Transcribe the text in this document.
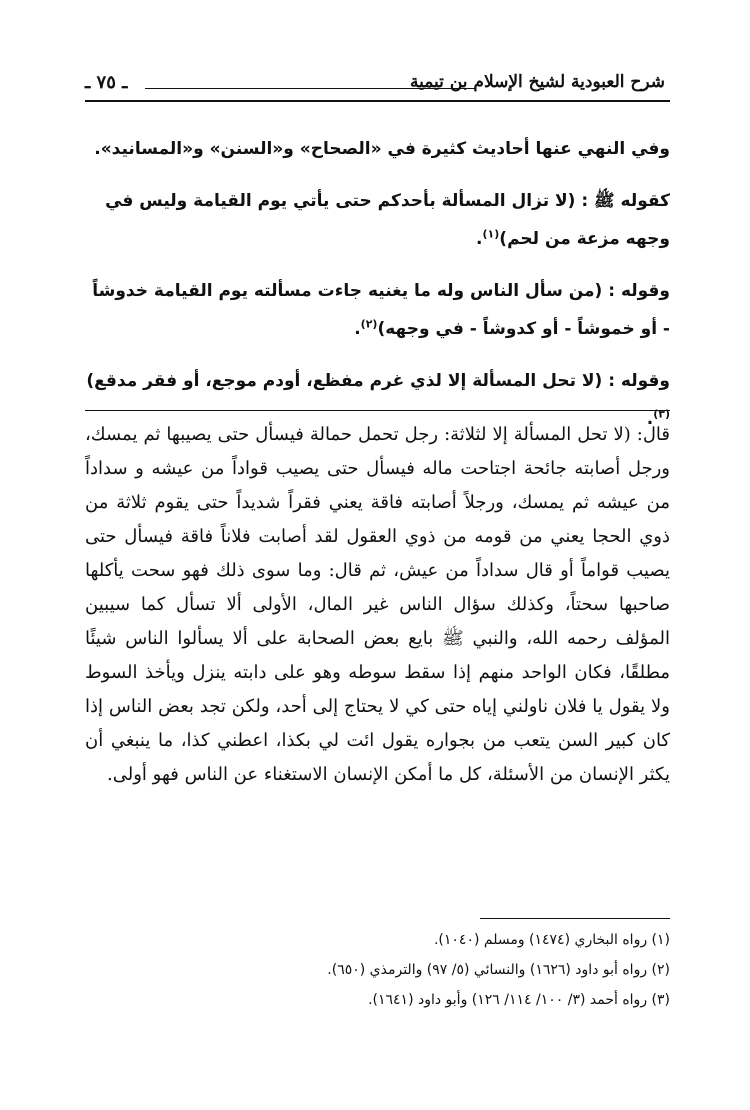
شرح العبودية لشيخ الإسلام بن تيمية
ـ ٧٥ ـ

وفي النهي عنها أحاديث كثيرة في «الصحاح» و«السنن» و«المسانيد».

كقوله ﷺ : (لا تزال المسألة بأحدكم حتى يأتي يوم القيامة وليس في وجهه مزعة من لحم)$^{(١)}$.

وقوله : (من سأل الناس وله ما يغنيه جاءت مسألته يوم القيامة خدوشاً - أو خموشاً - أو كدوشاً - في وجهه)$^{(٢)}$.

وقوله : (لا تحل المسألة إلا لذي غرم مفظع، أودم موجع، أو فقر مدقع)$^{(٣)}$.

قال: (لا تحل المسألة إلا لثلاثة: رجل تحمل حمالة فيسأل حتى يصيبها ثم يمسك، ورجل أصابته جائحة اجتاحت ماله فيسأل حتى يصيب قواداً من عيشه و سداداً من عيشه ثم يمسك، ورجلاً أصابته فاقة يعني فقراً شديداً حتى يقوم ثلاثة من ذوي الحجا يعني من قومه من ذوي العقول لقد أصابت فلاناً فاقة فيسأل حتى يصيب قواماً أو قال سداداً من عيش، ثم قال: وما سوى ذلك فهو سحت يأكلها صاحبها سحتاً، وكذلك سؤال الناس غير المال، الأولى ألا تسأل كما سيبين المؤلف رحمه الله، والنبي ﷺ بايع بعض الصحابة على ألا يسألوا الناس شيئًا مطلقًا، فكان الواحد منهم إذا سقط سوطه وهو على دابته ينزل ويأخذ السوط ولا يقول يا فلان ناولني إياه حتى كي لا يحتاج إلى أحد، ولكن تجد بعض الناس إذا كان كبير السن يتعب من بجواره يقول ائت لي بكذا، اعطني كذا، ما ينبغي أن يكثر الإنسان من الأسئلة، كل ما أمكن الإنسان الاستغناء عن الناس فهو أولى.

(١) رواه البخاري (١٤٧٤) ومسلم (١٠٤٠).
(٢) رواه أبو داود (١٦٢٦) والنسائي (٥/ ٩٧) والترمذي (٦٥٠).
(٣) رواه أحمد (٣/ ١٠٠/ ١١٤/ ١٢٦) وأبو داود (١٦٤١).
